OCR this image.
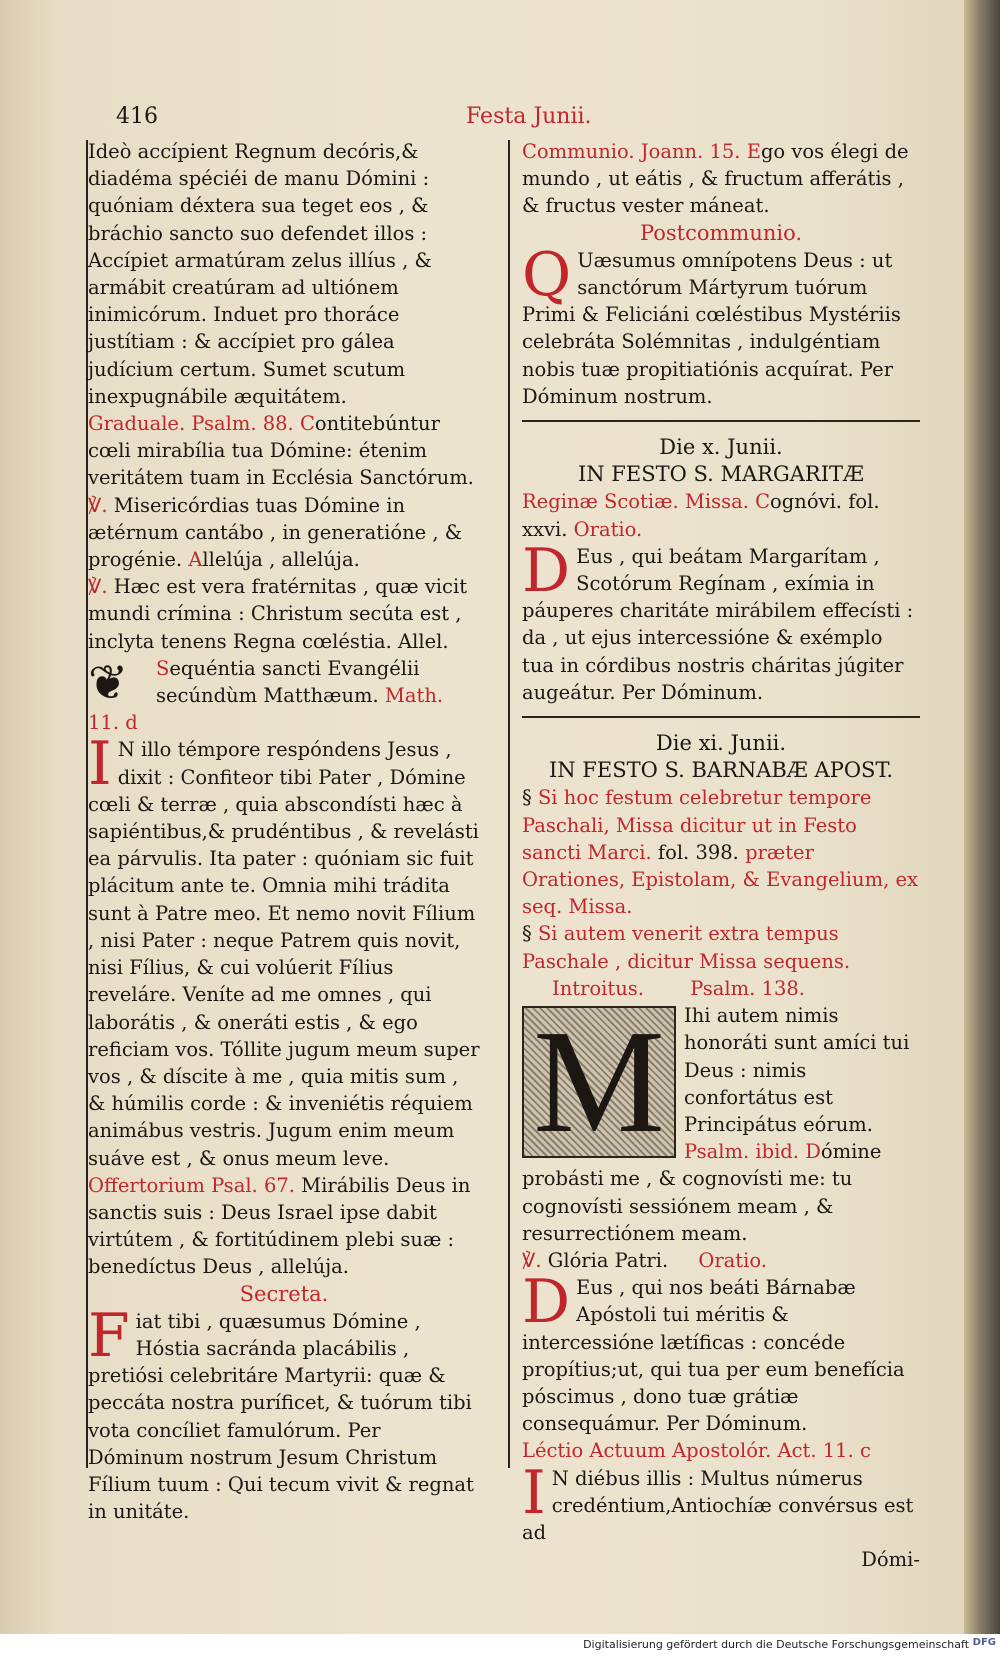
416	Festa Junii.

Ideò accípient Regnum decóris,& diadéma spéciéi de manu Dómini : quóniam déxtera sua teget eos , & bráchio sancto suo defendet illos : Accípiet armatúram zelus illíus , & armábit creatúram ad ultiónem inimicórum. Induet pro thoráce justítiam : & accípiet pro gálea judícium certum. Sumet scutum inexpugnábile æquitátem.

Graduale. Psalm. 88. Contitebúntur cœli mirabília tua Dómine: étenim veritátem tuam in Ecclésia Sanctórum.

℣. Misericórdias tuas Dómine in ætérnum cantábo , in generatióne , & progénie. Allelúja , allelúja.

℣. Hæc est vera fratérnitas , quæ vicit mundi crímina : Christum secúta est , inclyta tenens Regna cœléstia. Allel.

❦ Sequéntia sancti Evangélii secúndùm Matthæum. Math. 11. d

I N illo témpore respóndens Jesus , dixit : Confiteor tibi Pater , Dómine cœli & terræ , quia abscondísti hæc à sapiéntibus,& prudéntibus , & revelásti ea párvulis. Ita pater : quóniam sic fuit plácitum ante te. Omnia mihi trádita sunt à Patre meo. Et nemo novit Fílium , nisi Pater : neque Patrem quis novit, nisi Fílius, & cui volúerit Fílius reveláre. Veníte ad me omnes , qui laborátis , & oneráti estis , & ego reficiam vos. Tóllite jugum meum super vos , & díscite à me , quia mitis sum , & húmilis corde : & inveniétis réquiem animábus vestris. Jugum enim meum suáve est , & onus meum leve.

Offertorium Psal. 67. Mirábilis Deus in sanctis suis : Deus Israel ipse dabit virtútem , & fortitúdinem plebi suæ : benedíctus Deus , allelúja.

Secreta.

Fiat tibi , quæsumus Dómine , Hóstia sacránda placábilis , pretiósi celebritáre Martyrii: quæ & peccáta nostra puríficet, & tuórum tibi vota concíliet famulórum. Per Dóminum nostrum Jesum Christum Fílium tuum : Qui tecum vivit & regnat in unitáte.

Communio. Joann. 15. Ego vos élegi de mundo , ut eátis , & fructum afferátis , & fructus vester máneat.

Postcommunio.

Q Uæsumus omnípotens Deus : ut sanctórum Mártyrum tuórum Primi & Feliciáni cœléstibus Mystériis celebráta Solémnitas , indulgéntiam nobis tuæ propitiatiónis acquírat. Per Dóminum nostrum.

Die x. Junii.

IN FESTO S. MARGARITÆ

Reginæ Scotiæ. Missa. Cognóvi. fol. xxvi. Oratio.

D Eus , qui beátam Margarítam , Scotórum Regínam , exímia in páuperes charitáte mirábilem effecísti : da , ut ejus intercessióne & exémplo tua in córdibus nostris cháritas júgiter augeátur. Per Dóminum.

Die xi. Junii.

IN FESTO S. BARNABÆ APOST.

§ Si hoc festum celebretur tempore Paschali, Missa dicitur ut in Festo sancti Marci. fol. 398. præter Orationes, Epistolam, & Evangelium, ex seq. Missa.

§ Si autem venerit extra tempus Paschale , dicitur Missa sequens.

Introitus. Psalm. 138.

M Ihi autem nimis honoráti sunt amíci tui Deus : nimis confortátus est Principátus eórum.

Psalm. ibid. Dómine probásti me , & cognovísti me: tu cognovísti sessiónem meam , & resurrectiónem meam.

℣. Glória Patri. Oratio.

D Eus , qui nos beáti Bárnabæ Apóstoli tui méritis & intercessióne lætíficas : concéde propítius;ut, qui tua per eum benefícia póscimus , dono tuæ grátiæ consequámur. Per Dóminum.

Léctio Actuum Apostolór. Act. 11. c

I N diébus illis : Multus númerus credéntium,Antiochíæ convérsus est ad

Dómi-

Digitalisierung gefördert durch die Deutsche Forschungsgemeinschaft ·
DFG
